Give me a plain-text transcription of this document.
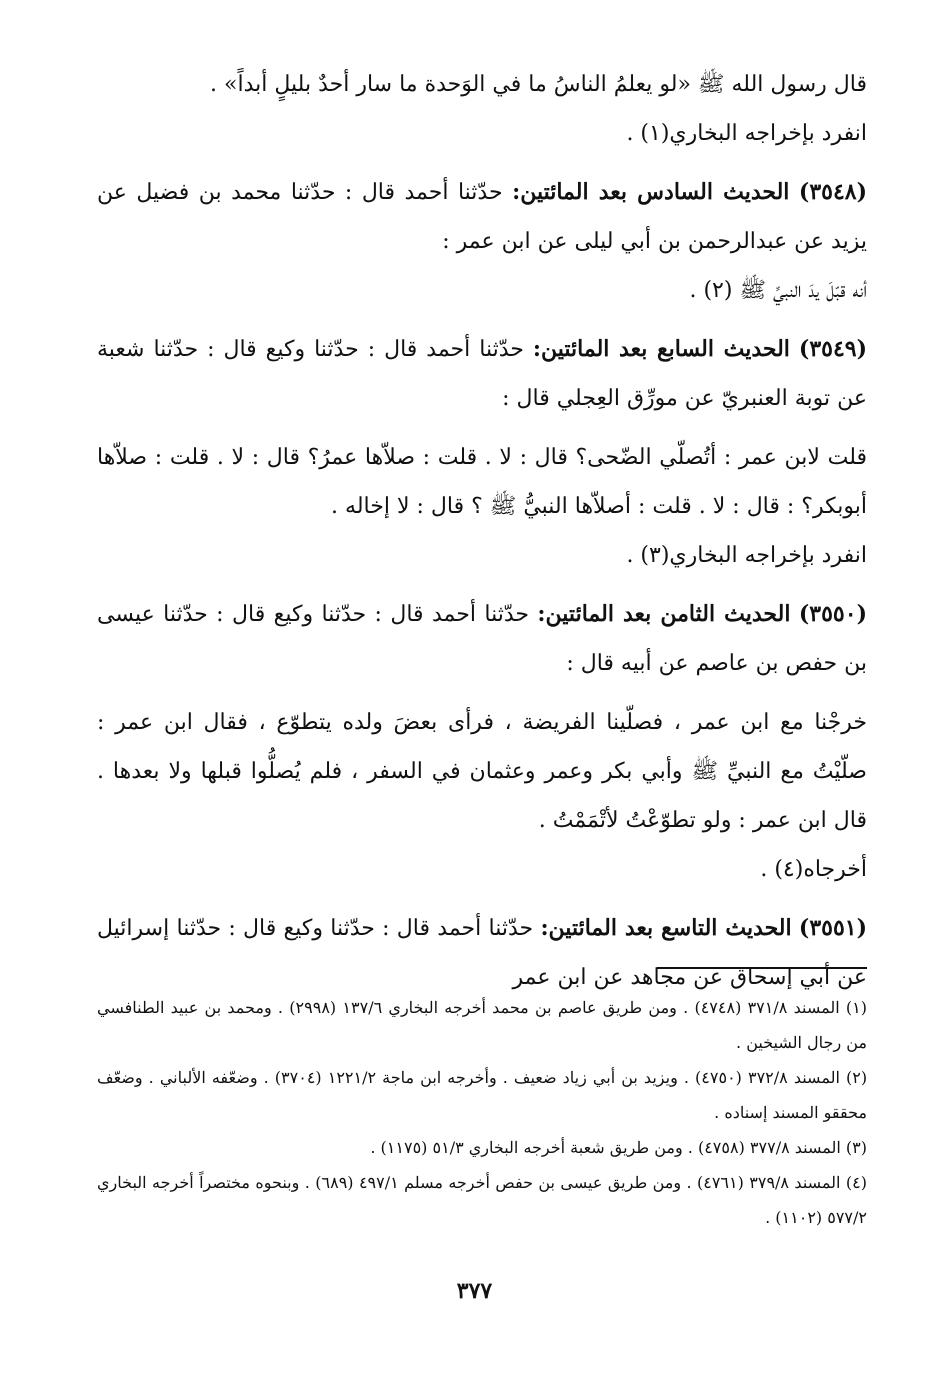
قال رسول الله ﷺ «لو يعلمُ الناسُ ما في الوَحدة ما سار أحدٌ بليلٍ أبداً» .

انفرد بإخراجه البخاري(١) .

(٣٥٤٨) الحديث السادس بعد المائتين: حدّثنا أحمد قال : حدّثنا محمد بن فضيل عن يزيد عن عبدالرحمن بن أبي ليلى عن ابن عمر :

أنه قبّلَ يدَ النبيِّ ﷺ (٢) .

(٣٥٤٩) الحديث السابع بعد المائتين: حدّثنا أحمد قال : حدّثنا وكيع قال : حدّثنا شعبة عن توبة العنبريّ عن مورِّق العِجلي قال :

قلت لابن عمر : أتُصلّي الضّحى؟ قال : لا . قلت : صلاّها عمرُ؟ قال : لا . قلت : صلاّها أبوبكر؟ : قال : لا . قلت : أصلاّها النبيُّ ﷺ ؟ قال : لا إخاله .

انفرد بإخراجه البخاري(٣) .

(٣٥٥٠) الحديث الثامن بعد المائتين: حدّثنا أحمد قال : حدّثنا وكيع قال : حدّثنا عيسى بن حفص بن عاصم عن أبيه قال :

خرجْنا مع ابن عمر ، فصلّينا الفريضة ، فرأى بعضَ ولده يتطوّع ، فقال ابن عمر : صلّيْتُ مع النبيِّ ﷺ وأبي بكر وعمر وعثمان في السفر ، فلم يُصلُّوا قبلها ولا بعدها . قال ابن عمر : ولو تطوّعْتُ لأتْمَمْتُ .

أخرجاه(٤) .

(٣٥٥١) الحديث التاسع بعد المائتين: حدّثنا أحمد قال : حدّثنا وكيع قال : حدّثنا إسرائيل عن أبي إسحاق عن مجاهد عن ابن عمر

(١) المسند ٣٧١/٨ (٤٧٤٨) . ومن طريق عاصم بن محمد أخرجه البخاري ١٣٧/٦ (٢٩٩٨) . ومحمد بن عبيد الطنافسي من رجال الشيخين .

(٢) المسند ٣٧٢/٨ (٤٧٥٠) . ويزيد بن أبي زياد ضعيف . وأخرجه ابن ماجة ١٢٢١/٢ (٣٧٠٤) . وضعّفه الألباني . وضعّف محققو المسند إسناده .

(٣) المسند ٣٧٧/٨ (٤٧٥٨) . ومن طريق شعبة أخرجه البخاري ٥١/٣ (١١٧٥) .

(٤) المسند ٣٧٩/٨ (٤٧٦١) . ومن طريق عيسى بن حفص أخرجه مسلم ٤٩٧/١ (٦٨٩) . وبنحوه مختصراً أخرجه البخاري ٥٧٧/٢ (١١٠٢) .

٣٧٧
